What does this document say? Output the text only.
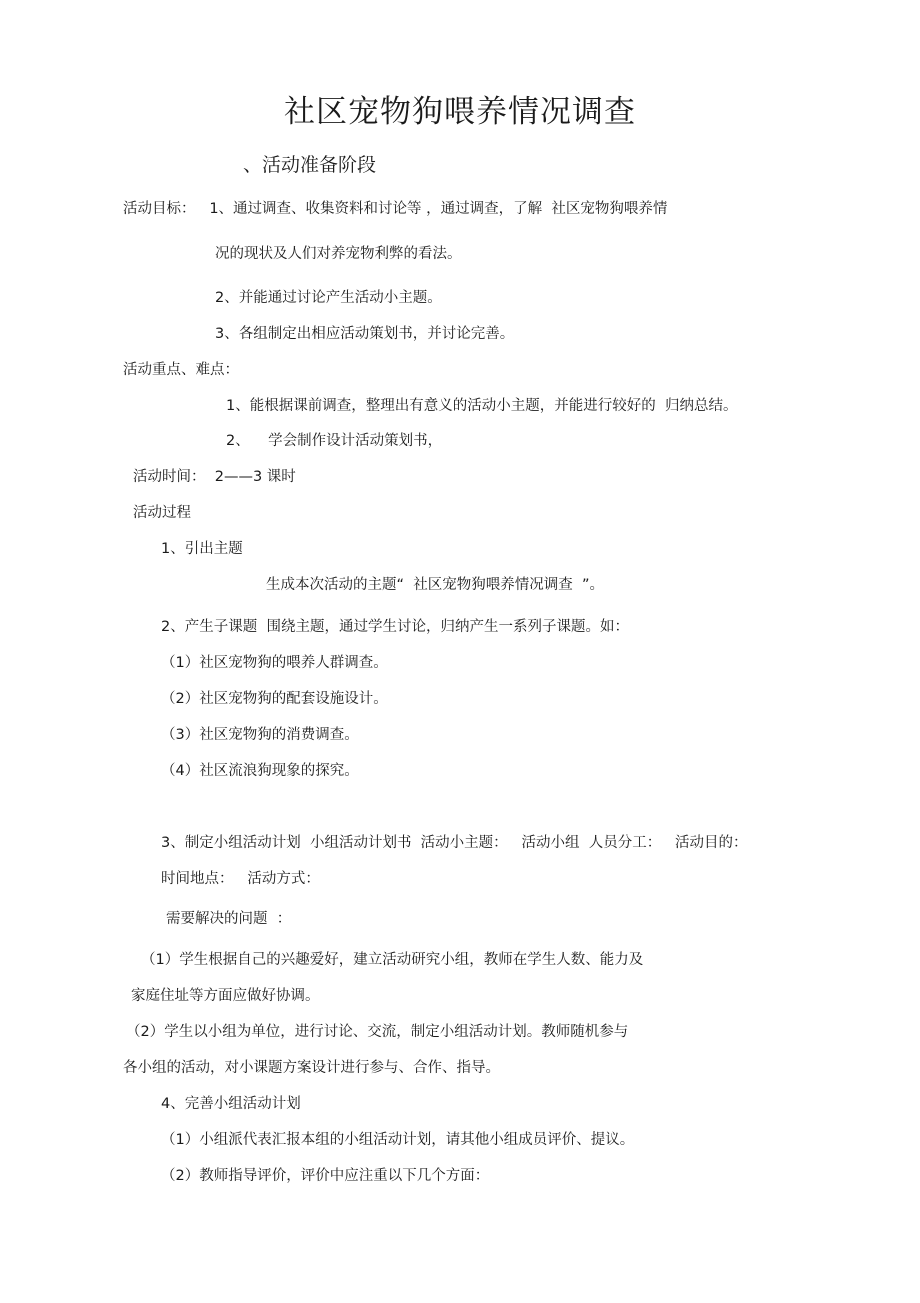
社区宠物狗喂养情况调查
、活动准备阶段

活动目标：   1、通过调查、收集资料和讨论等 ，通过调查，了解  社区宠物狗喂养情

况的现状及人们对养宠物利弊的看法。

2、并能通过讨论产生活动小主题。

3、各组制定出相应活动策划书，并讨论完善。

活动重点、难点：

1、能根据课前调查，整理出有意义的活动小主题，并能进行较好的  归纳总结。

2、    学会制作设计活动策划书，

活动时间：  2——3 课时

活动过程

1、引出主题

生成本次活动的主题“  社区宠物狗喂养情况调查  ”。

2、产生子课题  围绕主题，通过学生讨论，归纳产生一系列子课题。如：

（1）社区宠物狗的喂养人群调查。

（2）社区宠物狗的配套设施设计。

（3）社区宠物狗的消费调查。

（4）社区流浪狗现象的探究。

3、制定小组活动计划  小组活动计划书  活动小主题：   活动小组  人员分工：   活动目的：

时间地点：   活动方式：

需要解决的问题  ：

（1）学生根据自己的兴趣爱好，建立活动研究小组，教师在学生人数、能力及

家庭住址等方面应做好协调。

（2）学生以小组为单位，进行讨论、交流，制定小组活动计划。教师随机参与

各小组的活动，对小课题方案设计进行参与、合作、指导。

4、完善小组活动计划

（1）小组派代表汇报本组的小组活动计划，请其他小组成员评价、提议。

（2）教师指导评价，评价中应注重以下几个方面：
